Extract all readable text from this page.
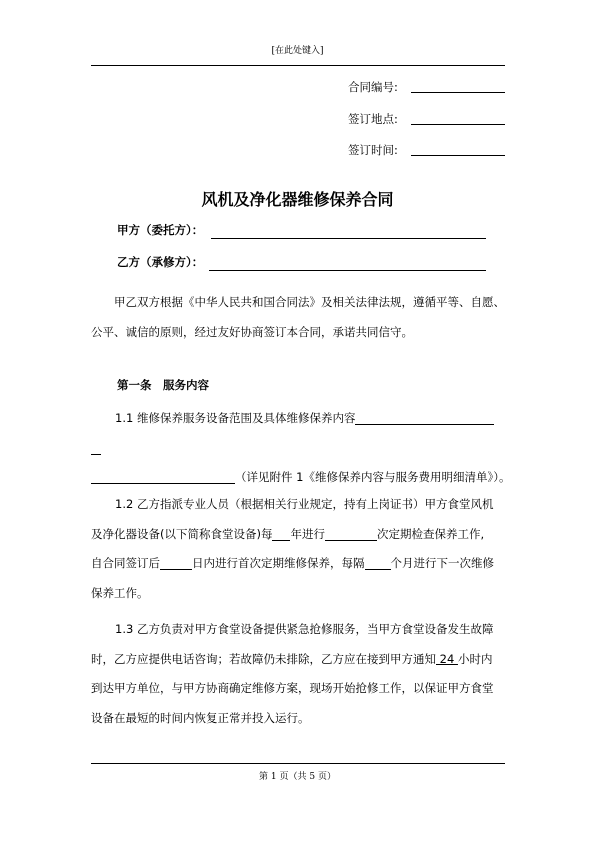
[在此处键入]
合同编号:
签订地点:
签订时间:
风机及净化器维修保养合同
甲方（委托方）：
乙方（承修方）：
甲乙双方根据《中华人民共和国合同法》及相关法律法规，遵循平等、自愿、
公平、诚信的原则，经过友好协商签订本合同，承诺共同信守。
第一条　服务内容
1.1 维修保养服务设备范围及具体维修保养内容
（详见附件 1《维修保养内容与服务费用明细清单》）。
1.2 乙方指派专业人员（根据相关行业规定，持有上岗证书）甲方食堂风机
及净化器设备(以下简称食堂设备)每 年进行	次定期检查保养工作,
自合同签订后	日内进行首次定期维修保养，每隔 个月进行下一次维修
保养工作。
1.3 乙方负责对甲方食堂设备提供紧急抢修服务，当甲方食堂设备发生故障
时，乙方应提供电话咨询；若故障仍未排除，乙方应在接到甲方通知 24 小时内
到达甲方单位，与甲方协商确定维修方案，现场开始抢修工作，以保证甲方食堂
设备在最短的时间内恢复正常并投入运行。
第 1 页（共 5 页）
